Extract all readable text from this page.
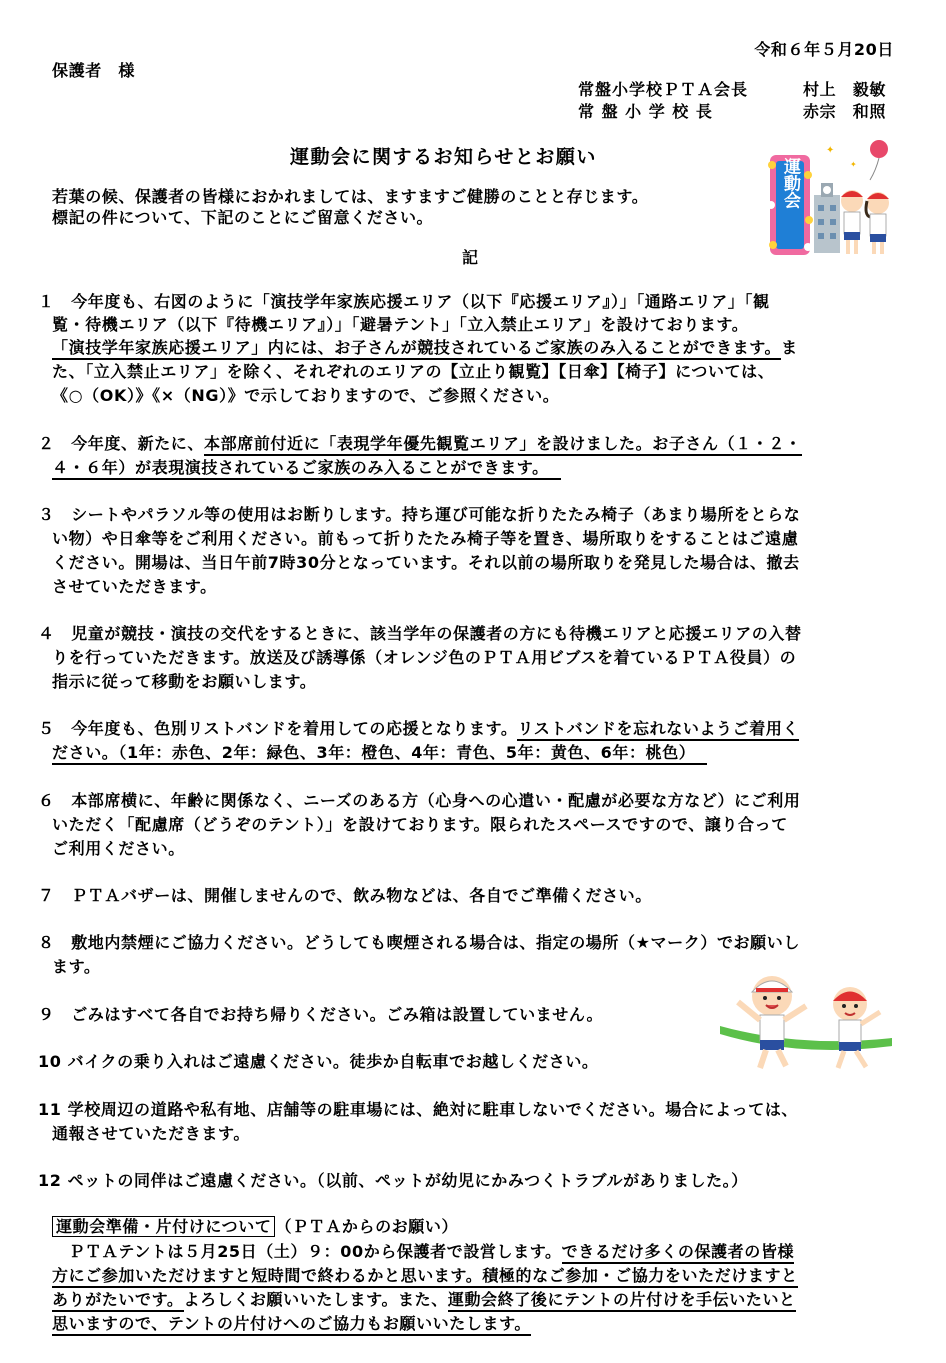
令和６年５月20日
保護者　様
常盤小学校ＰＴＡ会長	村上　毅敏
常 盤 小 学 校 長	赤宗　和照
運動会に関するお知らせとお願い
若葉の候、保護者の皆様におかれましては、ますますご健勝のことと存じます。
標記の件について、下記のことにご留意ください。
記
✦
✦
運動会
１　今年度も、右図のように「演技学年家族応援エリア（以下『応援エリア』）」「通路エリア」「観
覧・待機エリア（以下『待機エリア』）」「避暑テント」「立入禁止エリア」を設けております。
「演技学年家族応援エリア」内には、お子さんが競技されているご家族のみ入ることができます。ま
た、「立入禁止エリア」を除く、それぞれのエリアの【立止り観覧】【日傘】【椅子】については、
《○（OK）》《×（NG）》で示しておりますので、ご参照ください。
２　今年度、新たに、本部席前付近に「表現学年優先観覧エリア」を設けました。お子さん（１・２・
４・６年）が表現演技されているご家族のみ入ることができます。
３　シートやパラソル等の使用はお断りします。持ち運び可能な折りたたみ椅子（あまり場所をとらな
い物）や日傘等をご利用ください。前もって折りたたみ椅子等を置き、場所取りをすることはご遠慮
ください。開場は、当日午前7時30分となっています。それ以前の場所取りを発見した場合は、撤去
させていただきます。
４　児童が競技・演技の交代をするときに、該当学年の保護者の方にも待機エリアと応援エリアの入替
りを行っていただきます。放送及び誘導係（オレンジ色のＰＴＡ用ビブスを着ているＰＴＡ役員）の
指示に従って移動をお願いします。
５　今年度も、色別リストバンドを着用しての応援となります。リストバンドを忘れないようご着用く
ださい。（1年：赤色、2年：緑色、3年：橙色、4年：青色、5年：黄色、6年：桃色）
６　本部席横に、年齢に関係なく、ニーズのある方（心身への心遣い・配慮が必要な方など）にご利用
いただく「配慮席（どうぞのテント）」を設けております。限られたスペースですので、譲り合って
ご利用ください。
７　ＰＴＡバザーは、開催しませんので、飲み物などは、各自でご準備ください。
８　敷地内禁煙にご協力ください。どうしても喫煙される場合は、指定の場所（★マーク）でお願いし
ます。
９　ごみはすべて各自でお持ち帰りください。ごみ箱は設置していません。
10 バイクの乗り入れはご遠慮ください。徒歩か自転車でお越しください。
11 学校周辺の道路や私有地、店舗等の駐車場には、絶対に駐車しないでください。場合によっては、
通報させていただきます。
12 ペットの同伴はご遠慮ください。（以前、ペットが幼児にかみつくトラブルがありました。）
運動会準備・片付けについて （ＰＴＡからのお願い）
　ＰＴＡテントは５月25日（土）９：00から保護者で設営します。できるだけ多くの保護者の皆様
方にご参加いただけますと短時間で終わるかと思います。積極的なご参加・ご協力をいただけますと
ありがたいです。よろしくお願いいたします。また、運動会終了後にテントの片付けを手伝いたいと
思いますので、テントの片付けへのご協力もお願いいたします。
